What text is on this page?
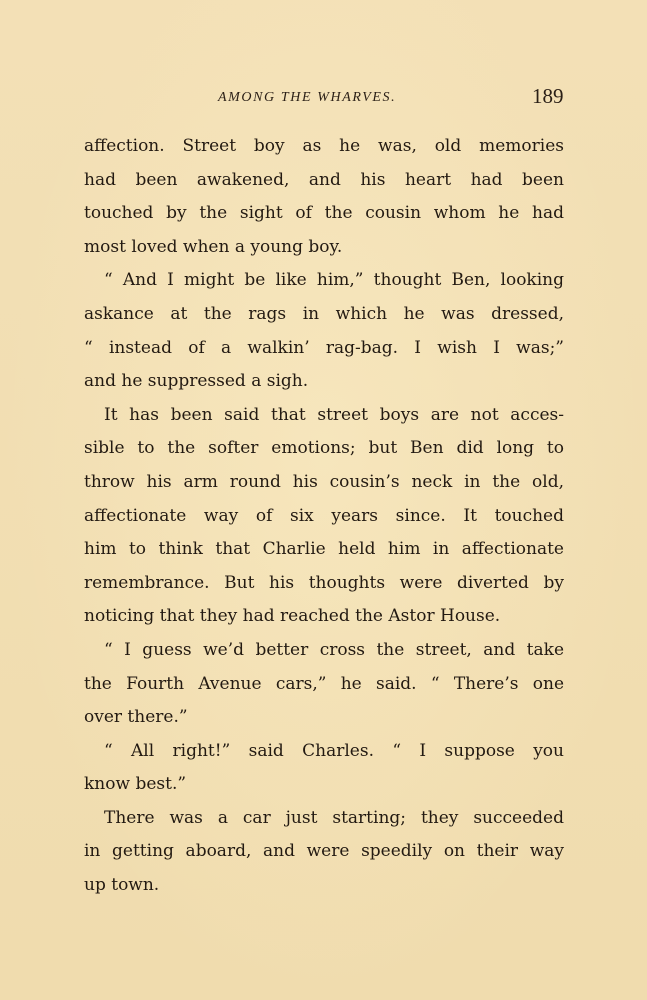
AMONG THE WHARVES.	189
affection. Street boy as he was, old memories
had been awakened, and his heart had been
touched by the sight of the cousin whom he had
most loved when a young boy.
“ And I might be like him,” thought Ben, looking
askance at the rags in which he was dressed,
“ instead of a walkin’ rag-bag. I wish I was;”
and he suppressed a sigh.
It has been said that street boys are not acces-
sible to the softer emotions; but Ben did long to
throw his arm round his cousin’s neck in the old,
affectionate way of six years since. It touched
him to think that Charlie held him in affectionate
remembrance. But his thoughts were diverted by
noticing that they had reached the Astor House.
“ I guess we’d better cross the street, and take
the Fourth Avenue cars,” he said. “ There’s one
over there.”
“ All right!” said Charles. “ I suppose you
know best.”
There was a car just starting; they succeeded
in getting aboard, and were speedily on their way
up town.
